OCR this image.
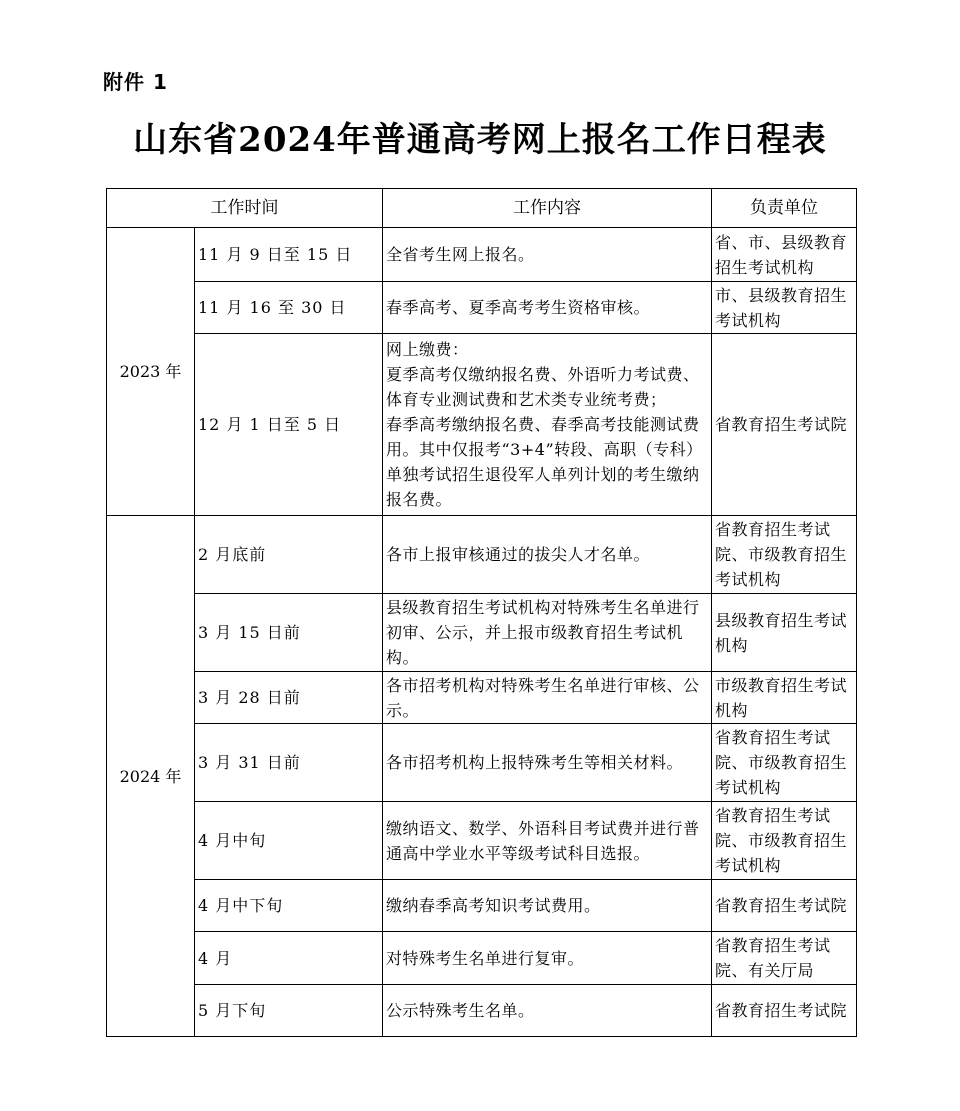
附件 1
山东省2024年普通高考网上报名工作日程表
工作时间		工作内容	负责单位
2023 年	11 月 9 日至 15 日	全省考生网上报名。	省、市、县级教育招生考试机构
	11 月 16 至 30 日	春季高考、夏季高考考生资格审核。	市、县级教育招生考试机构
	12 月 1 日至 5 日	网上缴费：
夏季高考仅缴纳报名费、外语听力考试费、体育专业测试费和艺术类专业统考费；
春季高考缴纳报名费、春季高考技能测试费用。其中仅报考“3+4”转段、高职（专科）单独考试招生退役军人单列计划的考生缴纳报名费。	省教育招生考试院
2024 年	2 月底前	各市上报审核通过的拔尖人才名单。	省教育招生考试院、市级教育招生考试机构
	3 月 15 日前	县级教育招生考试机构对特殊考生名单进行初审、公示，并上报市级教育招生考试机构。	县级教育招生考试机构
	3 月 28 日前	各市招考机构对特殊考生名单进行审核、公示。	市级教育招生考试机构
	3 月 31 日前	各市招考机构上报特殊考生等相关材料。	省教育招生考试院、市级教育招生考试机构
	4 月中旬	缴纳语文、数学、外语科目考试费并进行普通高中学业水平等级考试科目选报。	省教育招生考试院、市级教育招生考试机构
	4 月中下旬	缴纳春季高考知识考试费用。	省教育招生考试院
	4 月	对特殊考生名单进行复审。	省教育招生考试院、有关厅局
	5 月下旬	公示特殊考生名单。	省教育招生考试院
